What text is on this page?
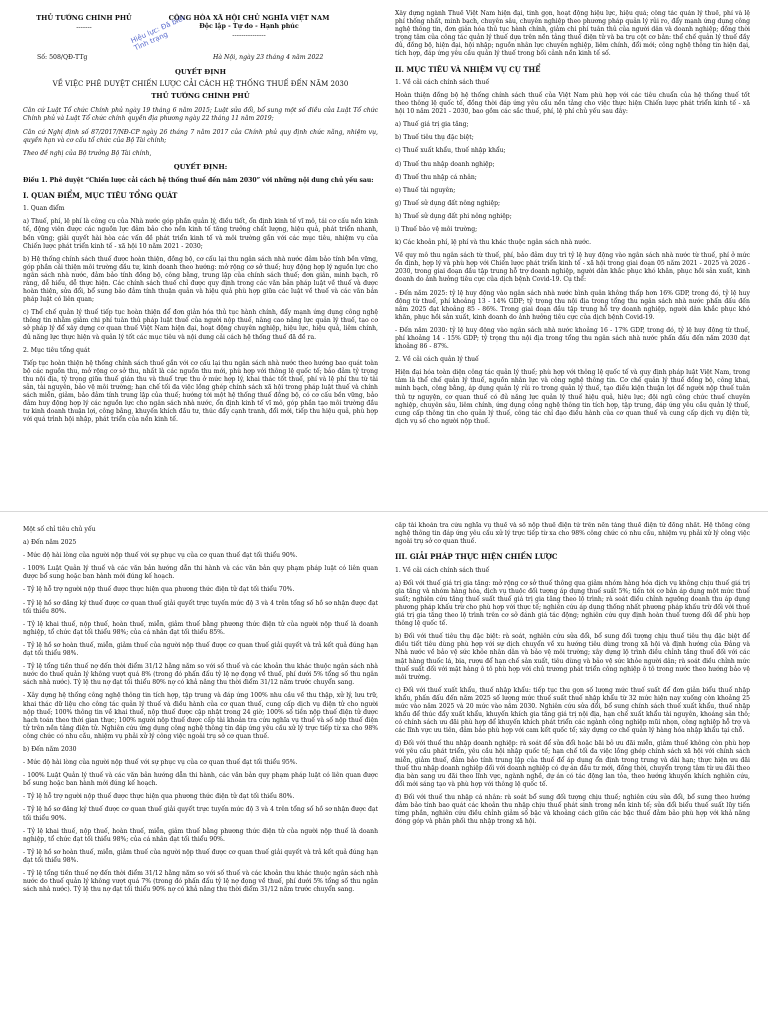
THỦ TƯỚNG CHÍNH PHỦ
-------
CỘNG HÒA XÃ HỘI CHỦ NGHĨA VIỆT NAM
Độc lập - Tự do - Hạnh phúc
---------------
Hiệu lực: Đã biết Tình trạng
Số: 508/QĐ-TTg	Hà Nội, ngày 23 tháng 4 năm 2022
QUYẾT ĐỊNH
VỀ VIỆC PHÊ DUYỆT CHIẾN LƯỢC CẢI CÁCH HỆ THỐNG THUẾ ĐẾN NĂM 2030
THỦ TƯỚNG CHÍNH PHỦ

Căn cứ Luật Tổ chức Chính phủ ngày 19 tháng 6 năm 2015; Luật sửa đổi, bổ sung một số điều của Luật Tổ chức Chính phủ và Luật Tổ chức chính quyền địa phương ngày 22 tháng 11 năm 2019;

Căn cứ Nghị định số 87/2017/NĐ-CP ngày 26 tháng 7 năm 2017 của Chính phủ quy định chức năng, nhiệm vụ, quyền hạn và cơ cấu tổ chức của Bộ Tài chính;

Theo đề nghị của Bộ trưởng Bộ Tài chính,

QUYẾT ĐỊNH:

Điều 1. Phê duyệt “Chiến lược cải cách hệ thống thuế đến năm 2030” với những nội dung chủ yếu sau:

I. QUAN ĐIỂM, MỤC TIÊU TỔNG QUÁT
1. Quan điểm

a) Thuế, phí, lệ phí là công cụ của Nhà nước góp phần quản lý, điều tiết, ổn định kinh tế vĩ mô, tái cơ cấu nền kinh tế, động viên được các nguồn lực đảm bảo cho nền kinh tế tăng trưởng chất lượng, hiệu quả, phát triển nhanh, bền vững; giải quyết hài hòa các vấn đề phát triển kinh tế và môi trường gắn với các mục tiêu, nhiệm vụ của Chiến lược phát triển kinh tế - xã hội 10 năm 2021 - 2030;

b) Hệ thống chính sách thuế được hoàn thiện, đồng bộ, cơ cấu lại thu ngân sách nhà nước đảm bảo tính bền vững, góp phần cải thiện môi trường đầu tư, kinh doanh theo hướng: mở rộng cơ sở thuế; huy động hợp lý nguồn lực cho ngân sách nhà nước, đảm bảo tính đồng bộ, công bằng, trung lập của chính sách thuế; đơn giản, minh bạch, rõ ràng, dễ hiểu, dễ thực hiện. Các chính sách thuế chỉ được quy định trong các văn bản pháp luật về thuế và được hoàn thiện, sửa đổi, bổ sung bảo đảm tính thuận quản và hiệu quả phù hợp giữa các luật về thuế và các văn bản pháp luật có liên quan;

c) Thể chế quản lý thuế tiếp tục hoàn thiện để đơn giản hóa thủ tục hành chính, đẩy mạnh ứng dụng công nghệ thông tin nhằm giảm chi phí tuân thủ pháp luật thuế của người nộp thuế, nâng cao năng lực quản lý thuế, tạo cơ sở pháp lý để xây dựng cơ quan thuế Việt Nam hiện đại, hoạt động chuyên nghiệp, hiệu lực, hiệu quả, liêm chính, đủ năng lực thực hiện và quản lý tốt các mục tiêu và nội dung cải cách hệ thống thuế đã đề ra.

2. Mục tiêu tổng quát

Tiếp tục hoàn thiện hệ thống chính sách thuế gắn với cơ cấu lại thu ngân sách nhà nước theo hướng bao quát toàn bộ các nguồn thu, mở rộng cơ sở thu, nhất là các nguồn thu mới, phù hợp với thông lệ quốc tế; bảo đảm tỷ trọng thu nội địa, tỷ trọng giữa thuế gián thu và thuế trực thu ở mức hợp lý, khai thác tốt thuế, phí và lệ phí thu từ tài sản, tài nguyên, bảo vệ môi trường; hạn chế tối đa việc lồng ghép chính sách xã hội trong pháp luật thuế và chính sách miễn, giảm, bảo đảm tính trung lập của thuế; hướng tới một hệ thống thuế đồng bộ, có cơ cấu bền vững, bảo đảm huy động hợp lý các nguồn lực cho ngân sách nhà nước, ổn định kinh tế vĩ mô, góp phần tạo môi trường đầu tư kinh doanh thuận lợi, công bằng, khuyến khích đầu tư, thúc đẩy cạnh tranh, đổi mới, tiếp thu hiệu quả, phù hợp với quá trình hội nhập, phát triển của nền kinh tế.

Xây dựng ngành Thuế Việt Nam hiện đại, tinh gọn, hoạt động hiệu lực, hiệu quả; công tác quản lý thuế, phí và lệ phí thống nhất, minh bạch, chuyên sâu, chuyên nghiệp theo phương pháp quản lý rủi ro, đẩy mạnh ứng dụng công nghệ thông tin, đơn giản hóa thủ tục hành chính, giảm chi phí tuân thủ của người dân và doanh nghiệp; đồng thời trọng tâm của công tác quản lý thuế dựa trên nền tảng thuế điện tử và ba trụ cột cơ bản: thể chế quản lý thuế đầy đủ, đồng bộ, hiện đại, hội nhập; nguồn nhân lực chuyên nghiệp, liêm chính, đổi mới; công nghệ thông tin hiện đại, tích hợp, đáp ứng yêu cầu quản lý thuế trong bối cảnh nền kinh tế số.

II. MỤC TIÊU VÀ NHIỆM VỤ CỤ THỂ
1. Về cải cách chính sách thuế

Hoàn thiện đồng bộ hệ thống chính sách thuế của Việt Nam phù hợp với các tiêu chuẩn của hệ thống thuế tốt theo thông lệ quốc tế, đồng thời đáp ứng yêu cầu nền tảng cho việc thực hiện Chiến lược phát triển kinh tế - xã hội 10 năm 2021 - 2030, bao gồm các sắc thuế, phí, lệ phí chủ yếu sau đây:

a) Thuế giá trị gia tăng;

b) Thuế tiêu thụ đặc biệt;

c) Thuế xuất khẩu, thuế nhập khẩu;

d) Thuế thu nhập doanh nghiệp;

đ) Thuế thu nhập cá nhân;

e) Thuế tài nguyên;

g) Thuế sử dụng đất nông nghiệp;

h) Thuế sử dụng đất phi nông nghiệp;

i) Thuế bảo vệ môi trường;

k) Các khoản phí, lệ phí và thu khác thuộc ngân sách nhà nước.

Về quy mô thu ngân sách từ thuế, phí, bảo đảm duy trì tỷ lệ huy động vào ngân sách nhà nước từ thuế, phí ở mức ổn định, hợp lý và phù hợp với Chiến lược phát triển kinh tế - xã hội trong giai đoạn 05 năm 2021 - 2025 và 2026 - 2030, trong giai đoạn đầu tập trung hỗ trợ doanh nghiệp, người dân khắc phục khó khăn, phục hồi sản xuất, kinh doanh do ảnh hưởng tiêu cực của dịch bệnh Covid-19. Cụ thể:

- Đến năm 2025: tỷ lệ huy động vào ngân sách nhà nước bình quân không thấp hơn 16% GDP, trong đó, tỷ lệ huy động từ thuế, phí khoảng 13 - 14% GDP; tỷ trọng thu nội địa trong tổng thu ngân sách nhà nước phấn đấu đến năm 2025 đạt khoảng 85 - 86%. Trong giai đoạn đầu tập trung hỗ trợ doanh nghiệp, người dân khắc phục khó khăn, phục hồi sản xuất, kinh doanh do ảnh hưởng tiêu cực của dịch bệnh Covid-19.

- Đến năm 2030: tỷ lệ huy động vào ngân sách nhà nước khoảng 16 - 17% GDP, trong đó, tỷ lệ huy động từ thuế, phí khoảng 14 - 15% GDP; tỷ trọng thu nội địa trong tổng thu ngân sách nhà nước phấn đấu đến năm 2030 đạt khoảng 86 - 87%.

2. Về cải cách quản lý thuế

Hiện đại hóa toàn diện công tác quản lý thuế; phù hợp với thông lệ quốc tế và quy định pháp luật Việt Nam, trong tâm là thể chế quản lý thuế, nguồn nhân lực và công nghệ thông tin. Cơ chế quản lý thuế đồng bộ, công khai, minh bạch, công bằng, áp dụng quản lý rủi ro trong quản lý thuế, tạo điều kiện thuận lợi để người nộp thuế tuân thủ tự nguyện, cơ quan thuế có đủ năng lực quản lý thuế hiệu quả, hiệu lực; đội ngũ công chức thuế chuyên nghiệp, chuyên sâu, liêm chính, ứng dụng công nghệ thông tin tích hợp, tập trung, đáp ứng yêu cầu quản lý thuế, cung cấp thông tin cho quản lý thuế, công tác chỉ đạo điều hành của cơ quan thuế và cung cấp dịch vụ điện tử, dịch vụ số cho người nộp thuế.

Một số chỉ tiêu chủ yếu
a) Đến năm 2025

- Mức độ hài lòng của người nộp thuế với sự phục vụ của cơ quan thuế đạt tối thiểu 90%.

- 100% Luật Quản lý thuế và các văn bản hướng dẫn thi hành và các văn bản quy phạm pháp luật có liên quan được bổ sung hoặc ban hành mới đúng kế hoạch.

- Tỷ lệ hỗ trợ người nộp thuế được thực hiện qua phương thức điện tử đạt tối thiểu 70%.

- Tỷ lệ hồ sơ đăng ký thuế được cơ quan thuế giải quyết trực tuyến mức độ 3 và 4 trên tổng số hồ sơ nhận được đạt tối thiểu 80%.

- Tỷ lệ khai thuế, nộp thuế, hoàn thuế, miễn, giảm thuế bằng phương thức điện tử của người nộp thuế là doanh nghiệp, tổ chức đạt tối thiểu 98%; của cá nhân đạt tối thiểu 85%.

- Tỷ lệ hồ sơ hoàn thuế, miễn, giảm thuế của người nộp thuế được cơ quan thuế giải quyết và trả kết quả đúng hạn đạt tối thiểu 98%.

- Tỷ lệ tổng tiền thuế nợ đến thời điểm 31/12 hằng năm so với số thuế và các khoản thu khác thuộc ngân sách nhà nước do thuế quản lý không vượt quá 8% (trong đó phấn đấu tỷ lệ nợ đọng về thuế, phí dưới 5% tổng số thu ngân sách nhà nước). Tỷ lệ thu nợ đạt tối thiểu 80% nợ có khả năng thu thời điểm 31/12 năm trước chuyển sang.

- Xây dựng hệ thống công nghệ thông tin tích hợp, tập trung và đáp ứng 100% nhu cầu về thu thập, xử lý, lưu trữ, khai thác dữ liệu cho công tác quản lý thuế và điều hành của cơ quan thuế, cung cấp dịch vụ điện tử cho người nộp thuế; 100% thông tin về khai thuế, nộp thuế được cập nhật trong 24 giờ; 100% số tiền nộp thuế điện tử được hạch toán theo thời gian thực; 100% người nộp thuế được cấp tài khoản tra cứu nghĩa vụ thuế và số nộp thuế điện tử trên nền tảng điện tử. Nghiên cứu ứng dụng công nghệ thông tin đáp ứng yêu cầu xử lý trực tiếp từ xa cho 98% công chức có nhu cầu, nhiệm vụ phải xử lý công việc ngoài trụ sở cơ quan thuế.

b) Đến năm 2030

- Mức độ hài lòng của người nộp thuế với sự phục vụ của cơ quan thuế đạt tối thiểu 95%.

- 100% Luật Quản lý thuế và các văn bản hướng dẫn thi hành, các văn bản quy phạm pháp luật có liên quan được bổ sung hoặc ban hành mới đúng kế hoạch.

- Tỷ lệ hỗ trợ người nộp thuế được thực hiện qua phương thức điện tử đạt tối thiểu 80%.

- Tỷ lệ hồ sơ đăng ký thuế được cơ quan thuế giải quyết trực tuyến mức độ 3 và 4 trên tổng số hồ sơ nhận được đạt tối thiểu 90%.

- Tỷ lệ khai thuế, nộp thuế, hoàn thuế, miễn, giảm thuế bằng phương thức điện tử của người nộp thuế là doanh nghiệp, tổ chức đạt tối thiểu 98%; của cá nhân đạt tối thiểu 90%.

- Tỷ lệ hồ sơ hoàn thuế, miễn, giảm thuế của người nộp thuế được cơ quan thuế giải quyết và trả kết quả đúng hạn đạt tối thiểu 98%.

- Tỷ lệ tổng tiền thuế nợ đến thời điểm 31/12 hằng năm so với số thuế và các khoản thu khác thuộc ngân sách nhà nước do thuế quản lý không vượt quá 7% (trong đó phấn đấu tỷ lệ nợ đọng về thuế, phí dưới 5% tổng số thu ngân sách nhà nước). Tỷ lệ thu nợ đạt tối thiểu 90% nợ có khả năng thu thời điểm 31/12 năm trước chuyển sang.

cấp tài khoản tra cứu nghĩa vụ thuế và số nộp thuế điện tử trên nền tảng thuế điện tử đồng nhất. Hệ thống công nghệ thông tin đáp ứng yêu cầu xử lý trực tiếp từ xa cho 98% công chức có nhu cầu, nhiệm vụ phải xử lý công việc ngoài trụ sở cơ quan thuế.

III. GIẢI PHÁP THỰC HIỆN CHIẾN LƯỢC
1. Về cải cách chính sách thuế

a) Đối với thuế giá trị gia tăng: mở rộng cơ sở thuế thông qua giảm nhóm hàng hóa dịch vụ không chịu thuế giá trị gia tăng và nhóm hàng hóa, dịch vụ thuộc đối tượng áp dụng thuế suất 5%; tiến tới cơ bản áp dụng một mức thuế suất; nghiên cứu tăng thuế suất thuế giá trị gia tăng theo lộ trình; rà soát điều chỉnh ngưỡng doanh thu áp dụng phương pháp khấu trừ cho phù hợp với thực tế; nghiên cứu áp dụng thống nhất phương pháp khấu trừ đối với thuế giá trị gia tăng theo lộ trình trên cơ sở đánh giá tác động; nghiên cứu quy định hoàn thuế tương đối để phù hợp thông lệ quốc tế.

b) Đối với thuế tiêu thụ đặc biệt: rà soát, nghiên cứu sửa đổi, bổ sung đối tượng chịu thuế tiêu thụ đặc biệt để điều tiết tiêu dùng phù hợp với sự dịch chuyển về xu hướng tiêu dùng trong xã hội và định hướng của Đảng và Nhà nước về bảo vệ sức khỏe nhân dân và bảo vệ môi trường; xây dựng lộ trình điều chỉnh tăng thuế đối với các mặt hàng thuốc lá, bia, rượu để hạn chế sản xuất, tiêu dùng và bảo vệ sức khỏe người dân; rà soát điều chỉnh mức thuế suất đối với mặt hàng ô tô phù hợp với chủ trương phát triển công nghiệp ô tô trong nước theo hướng bảo vệ môi trường.

c) Đối với thuế xuất khẩu, thuế nhập khẩu: tiếp tục thu gọn số lượng mức thuế suất để đơn giản biểu thuế nhập khẩu, phấn đấu đến năm 2025 số lượng mức thuế suất thuế nhập khẩu từ 32 mức hiện nay xuống còn khoảng 25 mức vào năm 2025 và 20 mức vào năm 2030. Nghiên cứu sửa đổi, bổ sung chính sách thuế xuất khẩu, thuế nhập khẩu để thúc đẩy xuất khẩu, khuyến khích gia tăng giá trị nội địa, hạn chế xuất khẩu tài nguyên, khoáng sản thô; có chính sách ưu đãi phù hợp để khuyến khích phát triển các ngành công nghiệp mũi nhọn, công nghiệp hỗ trợ và các lĩnh vực ưu tiên, đảm bảo phù hợp với cam kết quốc tế; xây dựng cơ chế quản lý hàng hóa nhập khẩu tại chỗ.

d) Đối với thuế thu nhập doanh nghiệp: rà soát để sửa đổi hoặc bãi bỏ ưu đãi miễn, giảm thuế không còn phù hợp với yêu cầu phát triển, yêu cầu hội nhập quốc tế; hạn chế tối đa việc lồng ghép chính sách xã hội với chính sách miễn, giảm thuế, đảm bảo tính trung lập của thuế để áp dụng ổn định trong trung và dài hạn; thực hiện ưu đãi thuế thu nhập doanh nghiệp đối với doanh nghiệp có dự án đầu tư mới, đồng thời, chuyển trọng tâm từ ưu đãi theo địa bàn sang ưu đãi theo lĩnh vực, ngành nghề, dự án có tác động lan tỏa, theo hướng khuyến khích nghiên cứu, đổi mới sáng tạo và phù hợp với thông lệ quốc tế.

đ) Đối với thuế thu nhập cá nhân: rà soát bổ sung đối tượng chịu thuế; nghiên cứu sửa đổi, bổ sung theo hướng đảm bảo tính bao quát các khoản thu nhập chịu thuế phát sinh trong nền kinh tế; sửa đổi biểu thuế suất lũy tiến từng phần, nghiên cứu điều chỉnh giảm số bậc và khoảng cách giữa các bậc thuế đảm bảo phù hợp với khả năng đóng góp và phân phối thu nhập trong xã hội.
